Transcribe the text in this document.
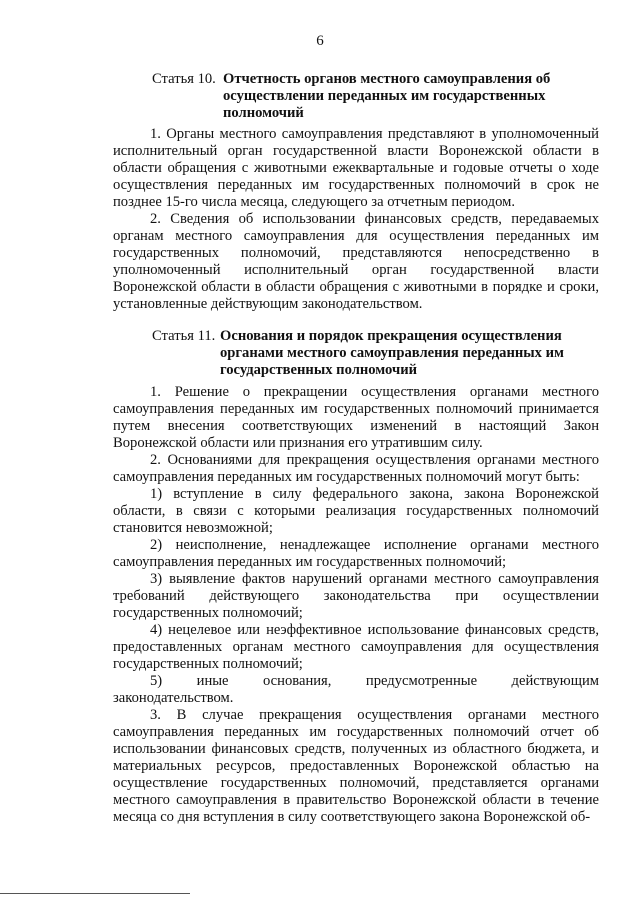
6
Статья 10. Отчетность органов местного самоуправления об осуществлении переданных им государственных полномочий

1. Органы местного самоуправления представляют в уполномоченный исполнительный орган государственной власти Воронежской области в области обращения с животными ежеквартальные и годовые отчеты о ходе осуществления переданных им государственных полномочий в срок не позднее 15-го числа месяца, следующего за отчетным периодом.

2. Сведения об использовании финансовых средств, передаваемых органам местного самоуправления для осуществления переданных им государственных полномочий, представляются непосредственно в уполномоченный исполнительный орган государственной власти Воронежской области в области обращения с животными в порядке и сроки, установленные действующим законодательством.

Статья 11. Основания и порядок прекращения осуществления органами местного самоуправления переданных им государственных полномочий

1. Решение о прекращении осуществления органами местного самоуправления переданных им государственных полномочий принимается путем внесения соответствующих изменений в настоящий Закон Воронежской области или признания его утратившим силу.

2. Основаниями для прекращения осуществления органами местного самоуправления переданных им государственных полномочий могут быть:

1) вступление в силу федерального закона, закона Воронежской области, в связи с которыми реализация государственных полномочий становится невозможной;

2) неисполнение, ненадлежащее исполнение органами местного самоуправления переданных им государственных полномочий;

3) выявление фактов нарушений органами местного самоуправления требований действующего законодательства при осуществлении государственных полномочий;

4) нецелевое или неэффективное использование финансовых средств, предоставленных органам местного самоуправления для осуществления государственных полномочий;

5) иные основания, предусмотренные действующим законодательством.

3. В случае прекращения осуществления органами местного самоуправления переданных им государственных полномочий отчет об использовании финансовых средств, полученных из областного бюджета, и материальных ресурсов, предоставленных Воронежской областью на осуществление государственных полномочий, представляется органами местного самоуправления в правительство Воронежской области в течение месяца со дня вступления в силу соответствующего закона Воронежской об-
